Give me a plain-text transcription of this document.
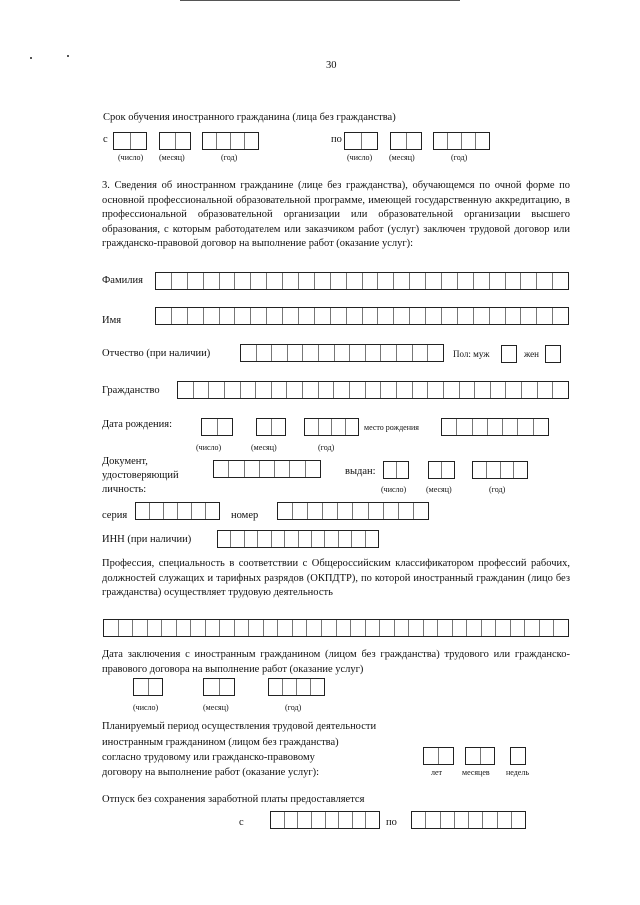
30
Срок обучения иностранного гражданина (лица без гражданства)
с
(число) (месяц)	(год)
по
(число) (месяц)	(год)
3. Сведения об иностранном гражданине (лице без гражданства), обучающемся по очной форме по основной профессиональной образовательной программе, имеющей государственную аккредитацию, в профессиональной образовательной организации или образовательной организации высшего образования, с которым работодателем или заказчиком работ (услуг) заключен трудовой договор или гражданско-правовой договор на выполнение работ (оказание услуг):
Фамилия
Имя
Отчество (при наличии)	Пол: муж	жен
Гражданство
Дата рождения:	место рождения
(число)	(месяц)	(год)
Документ,
удостоверяющий
личность:
выдан:
(число) (месяц)	(год)
серия	номер
ИНН (при наличии)
Профессия, специальность в соответствии с Общероссийским классификатором профессий рабочих, должностей служащих и тарифных разрядов (ОКПДТР), по которой иностранный гражданин (лицо без гражданства) осуществляет трудовую деятельность
Дата заключения с иностранным гражданином (лицом без гражданства) трудового или гражданско-правового договора на выполнение работ (оказание услуг)
(число)	(месяц)	(год)
Планируемый период осуществления трудовой деятельности
иностранным гражданином (лицом без гражданства)
согласно трудовому или гражданско-правовому
договору на выполнение работ (оказание услуг):	лет месяцев недель
Отпуск без сохранения заработной платы предоставляется
с	по
